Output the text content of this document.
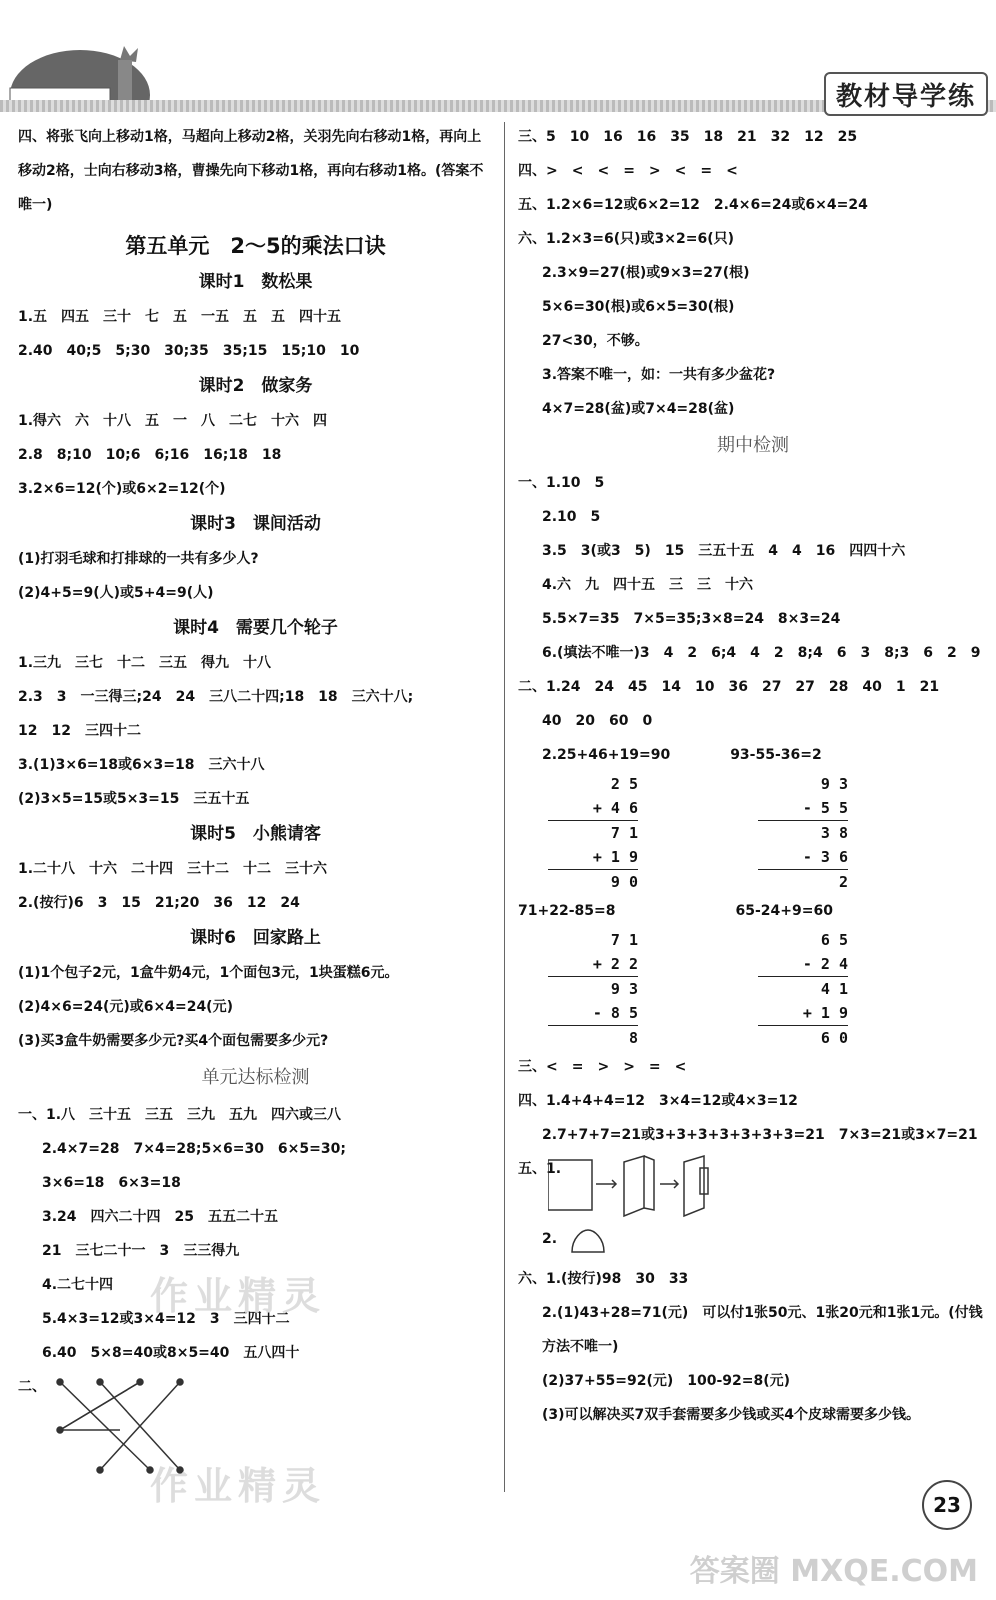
教材导学练
四、将张飞向上移动1格，马超向上移动2格，关羽先向右移动1格，再向上移动2格，士向右移动3格，曹操先向下移动1格，再向右移动1格。(答案不唯一)
第五单元　2～5的乘法口诀
课时1　数松果
1.五　四五　三十　七　五　一五　五　五　四十五
2.40　40;5　5;30　30;35　35;15　15;10　10
课时2　做家务
1.得六　六　十八　五　一　八　二七　十六　四
2.8　8;10　10;6　6;16　16;18　18
3.2×6=12(个)或6×2=12(个)
课时3　课间活动
(1)打羽毛球和打排球的一共有多少人?
(2)4+5=9(人)或5+4=9(人)
课时4　需要几个轮子
1.三九　三七　十二　三五　得九　十八
2.3　3　一三得三;24　24　三八二十四;18　18　三六十八;
12　12　三四十二
3.(1)3×6=18或6×3=18　三六十八
(2)3×5=15或5×3=15　三五十五
课时5　小熊请客
1.二十八　十六　二十四　三十二　十二　三十六
2.(按行)6　3　15　21;20　36　12　24
课时6　回家路上
(1)1个包子2元，1盒牛奶4元，1个面包3元，1块蛋糕6元。
(2)4×6=24(元)或6×4=24(元)
(3)买3盒牛奶需要多少元?买4个面包需要多少元?
单元达标检测
一、1.八　三十五　三五　三九　五九　四六或三八
2.4×7=28　7×4=28;5×6=30　6×5=30;
3×6=18　6×3=18
3.24　四六二十四　25　五五二十五
21　三七二十一　3　三三得九
4.二七十四
5.4×3=12或3×4=12　3　三四十二
6.40　5×8=40或8×5=40　五八四十
二、
作业精灵
作业精灵
三、5　10　16　16　35　18　21　32　12　25
四、>　<　<　=　>　<　=　<
五、1.2×6=12或6×2=12　2.4×6=24或6×4=24
六、1.2×3=6(只)或3×2=6(只)
2.3×9=27(根)或9×3=27(根)
5×6=30(根)或6×5=30(根)
27<30，不够。
3.答案不唯一，如：一共有多少盆花?
4×7=28(盆)或7×4=28(盆)
期中检测
一、1.10　5
2.10　5
3.5　3(或3　5)　15　三五十五　4　4　16　四四十六
4.六　九　四十五　三　三　十六
5.5×7=35　7×5=35;3×8=24　8×3=24
6.(填法不唯一)3　4　2　6;4　4　2　8;4　6　3　8;3　6　2　9
二、1.24　24　45　14　10　36　27　27　28　40　1　21
40　20　60　0
2.25+46+19=90	93-55-36=2
2 5
+ 4 6
7 1
+ 1 9
9 0
9 3
- 5 5
3 8
- 3 6
2
71+22-85=8	65-24+9=60
7 1
+ 2 2
9 3
- 8 5
8
6 5
- 2 4
4 1
+ 1 9
6 0
三、<　=　>　>　=　<
四、1.4+4+4=12　3×4=12或4×3=12
2.7+7+7=21或3+3+3+3+3+3+3=21　7×3=21或3×7=21
五、1.
2.
六、1.(按行)98　30　33
2.(1)43+28=71(元)　可以付1张50元、1张20元和1张1元。(付钱方法不唯一)
(2)37+55=92(元)　100-92=8(元)
(3)可以解决买7双手套需要多少钱或买4个皮球需要多少钱。
23
答案圈 MXQE.COM
